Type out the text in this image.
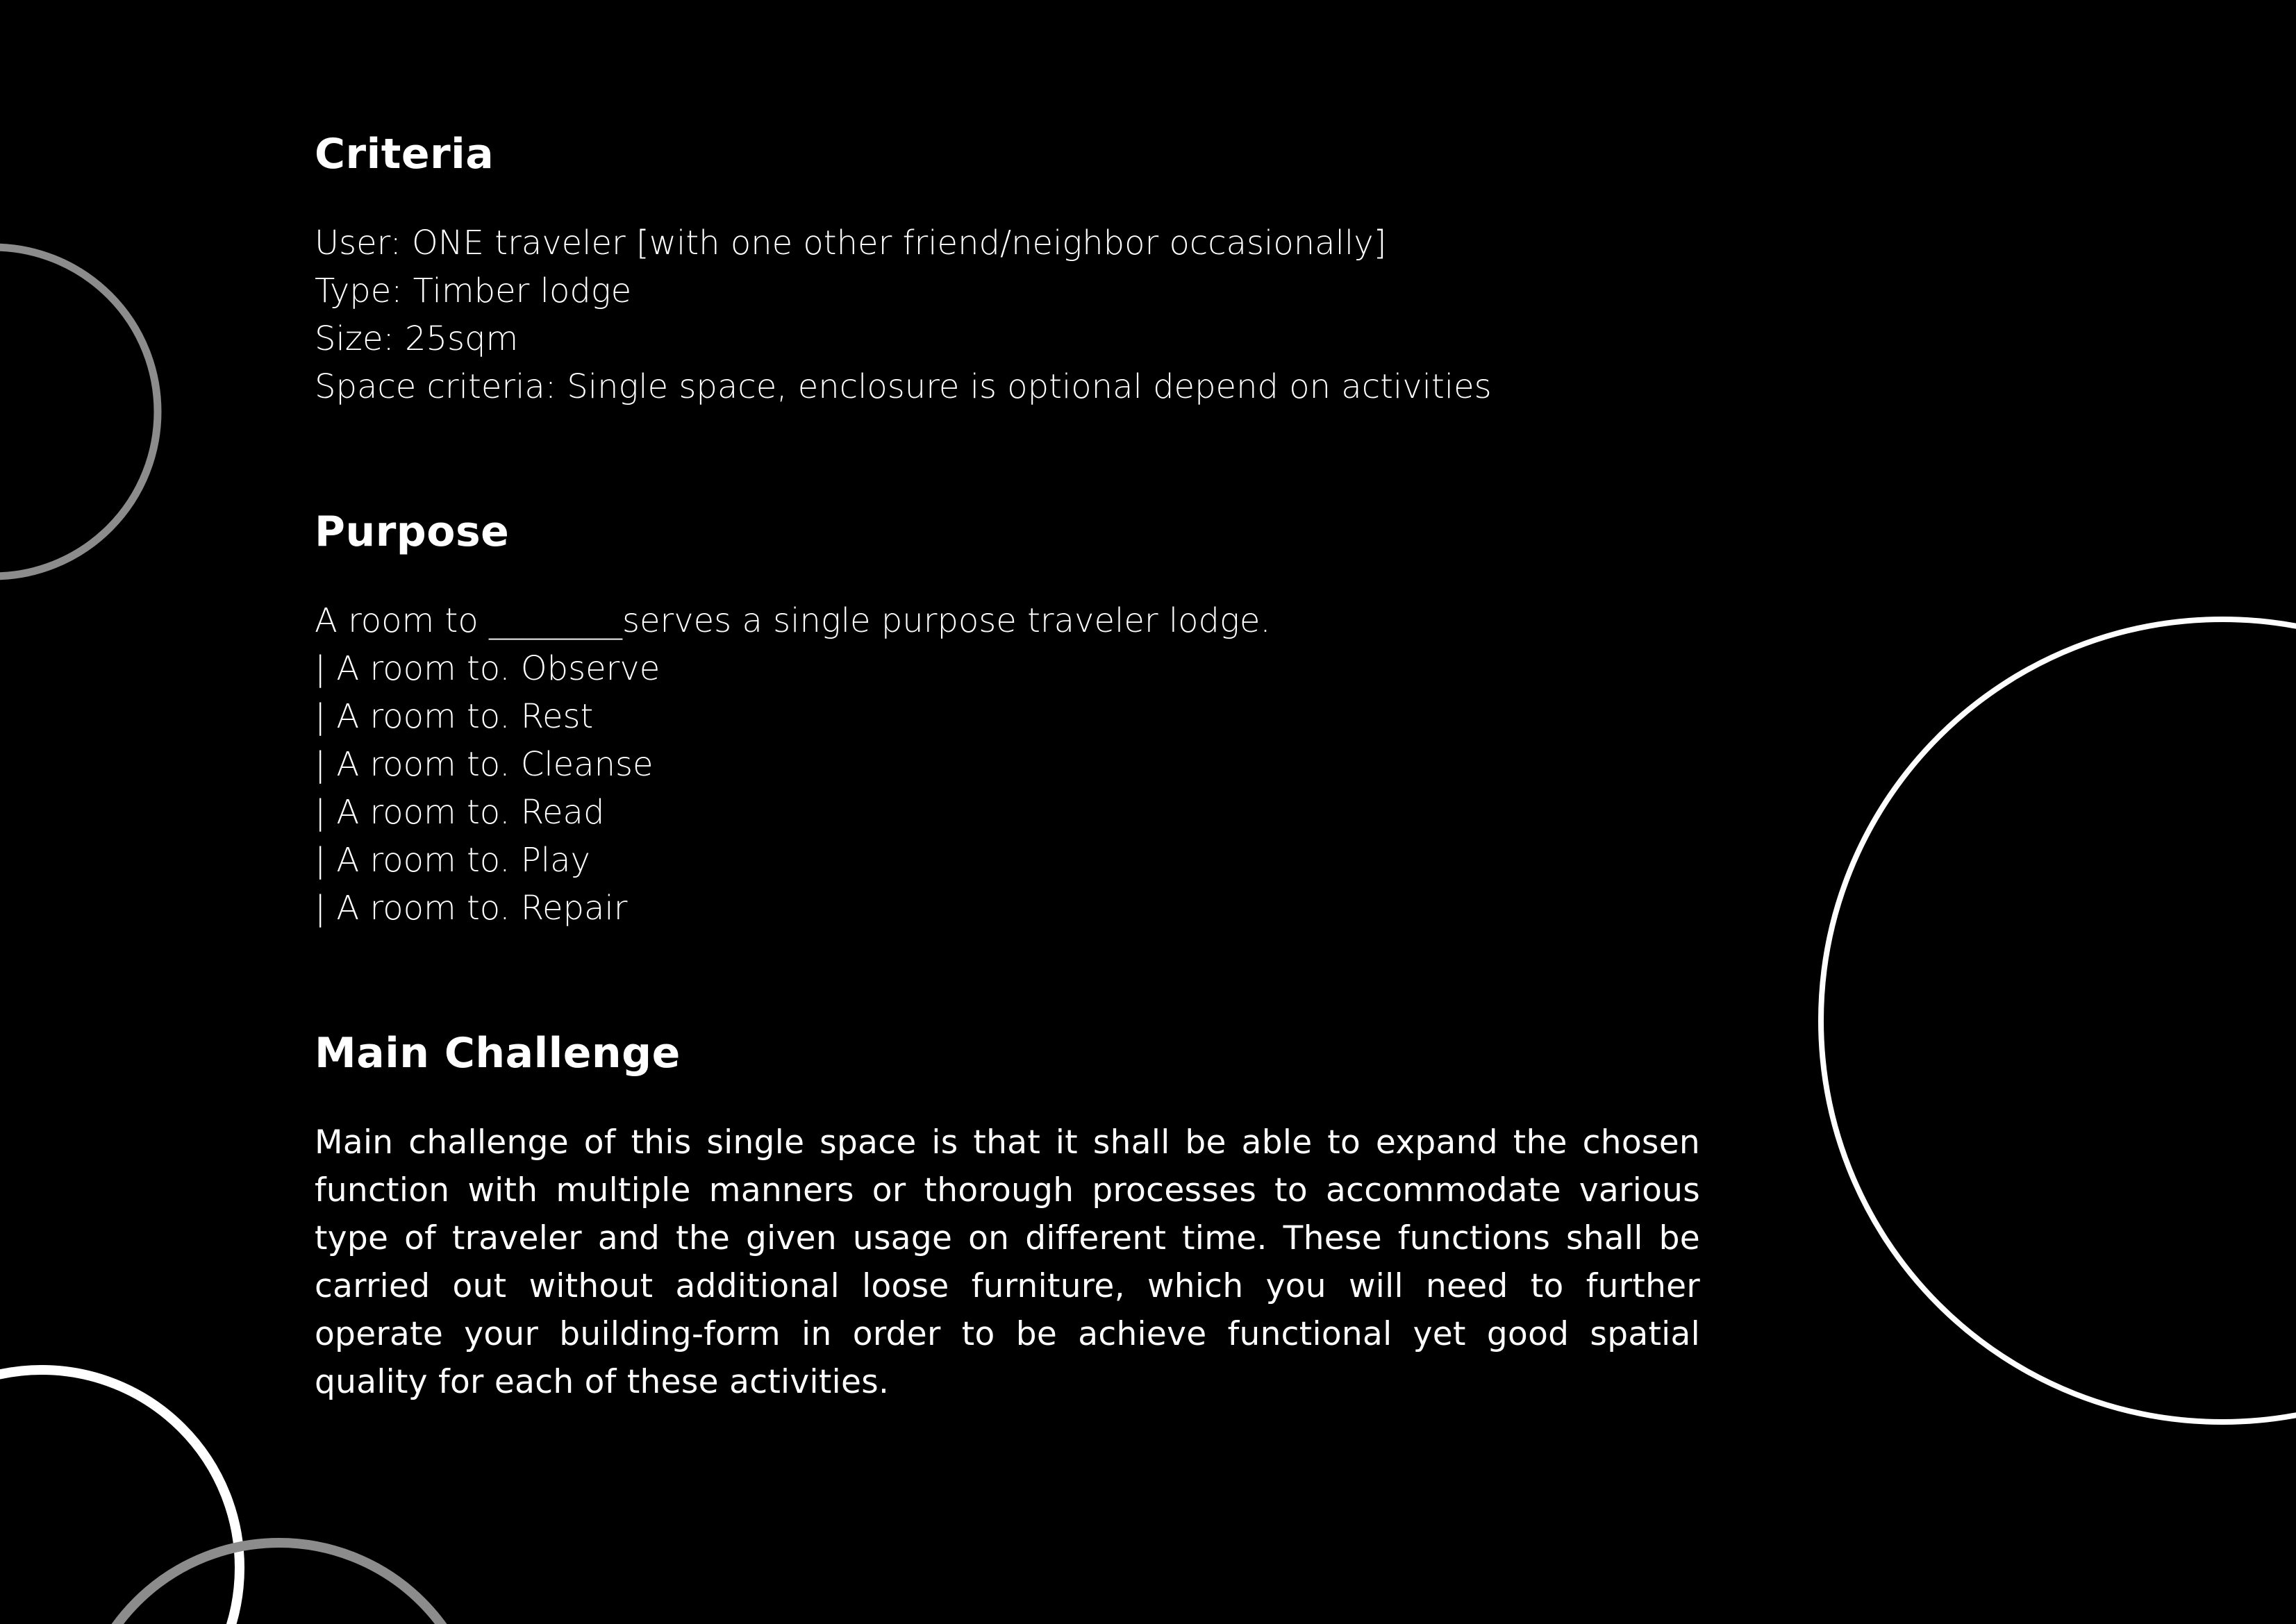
Criteria
User: ONE traveler [with one other friend/neighbor occasionally]
Type: Timber lodge
Size: 25sqm
Space criteria: Single space, enclosure is optional depend on activities
Purpose
A room to ________serves a single purpose traveler lodge.
| A room to. Observe
| A room to. Rest
| A room to. Cleanse
| A room to. Read
| A room to. Play
| A room to. Repair
Main Challenge

Main challenge of this single space is that it shall be able to expand the chosen function with multiple manners or thorough processes to accommodate various type of traveler and the given usage on different time. These functions shall be carried out without additional loose furniture, which you will need to further operate your building-form in order to be achieve functional yet good spatial quality for each of these activities.
